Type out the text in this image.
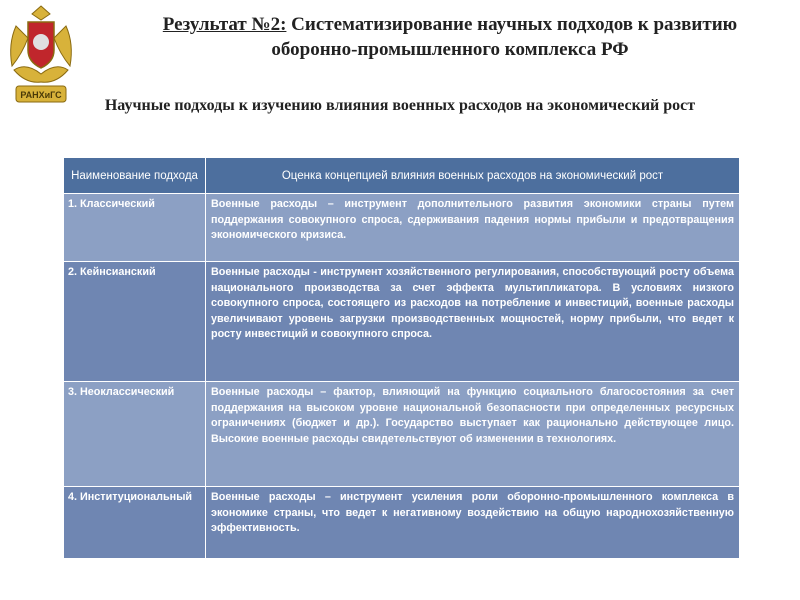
РАНХиГС
Результат №2: Систематизирование научных подходов к развитию оборонно-промышленного комплекса РФ
Научные подходы к изучению влияния военных расходов на экономический рост
Наименование подхода	Оценка концепцией влияния военных расходов на экономический рост
1. Классический	Военные расходы – инструмент дополнительного развития экономики страны путем поддержания совокупного спроса, сдерживания падения нормы прибыли и предотвращения экономического кризиса.
2. Кейнсианский	Военные расходы - инструмент хозяйственного регулирования, способствующий росту объема национального производства за счет эффекта мультипликатора. В условиях низкого совокупного спроса, состоящего из расходов на потребление и инвестиций, военные расходы увеличивают уровень загрузки производственных мощностей, норму прибыли, что ведет к росту инвестиций и совокупного спроса.
3. Неоклассический	Военные расходы – фактор, влияющий на функцию социального благосостояния за счет поддержания на высоком уровне национальной безопасности при определенных ресурсных ограничениях (бюджет и др.). Государство выступает как рационально действующее лицо. Высокие военные расходы свидетельствуют об изменении в технологиях.
4. Институциональный	Военные расходы – инструмент усиления роли оборонно-промышленного комплекса в экономике страны, что ведет к негативному воздействию на общую народнохозяйственную эффективность.
